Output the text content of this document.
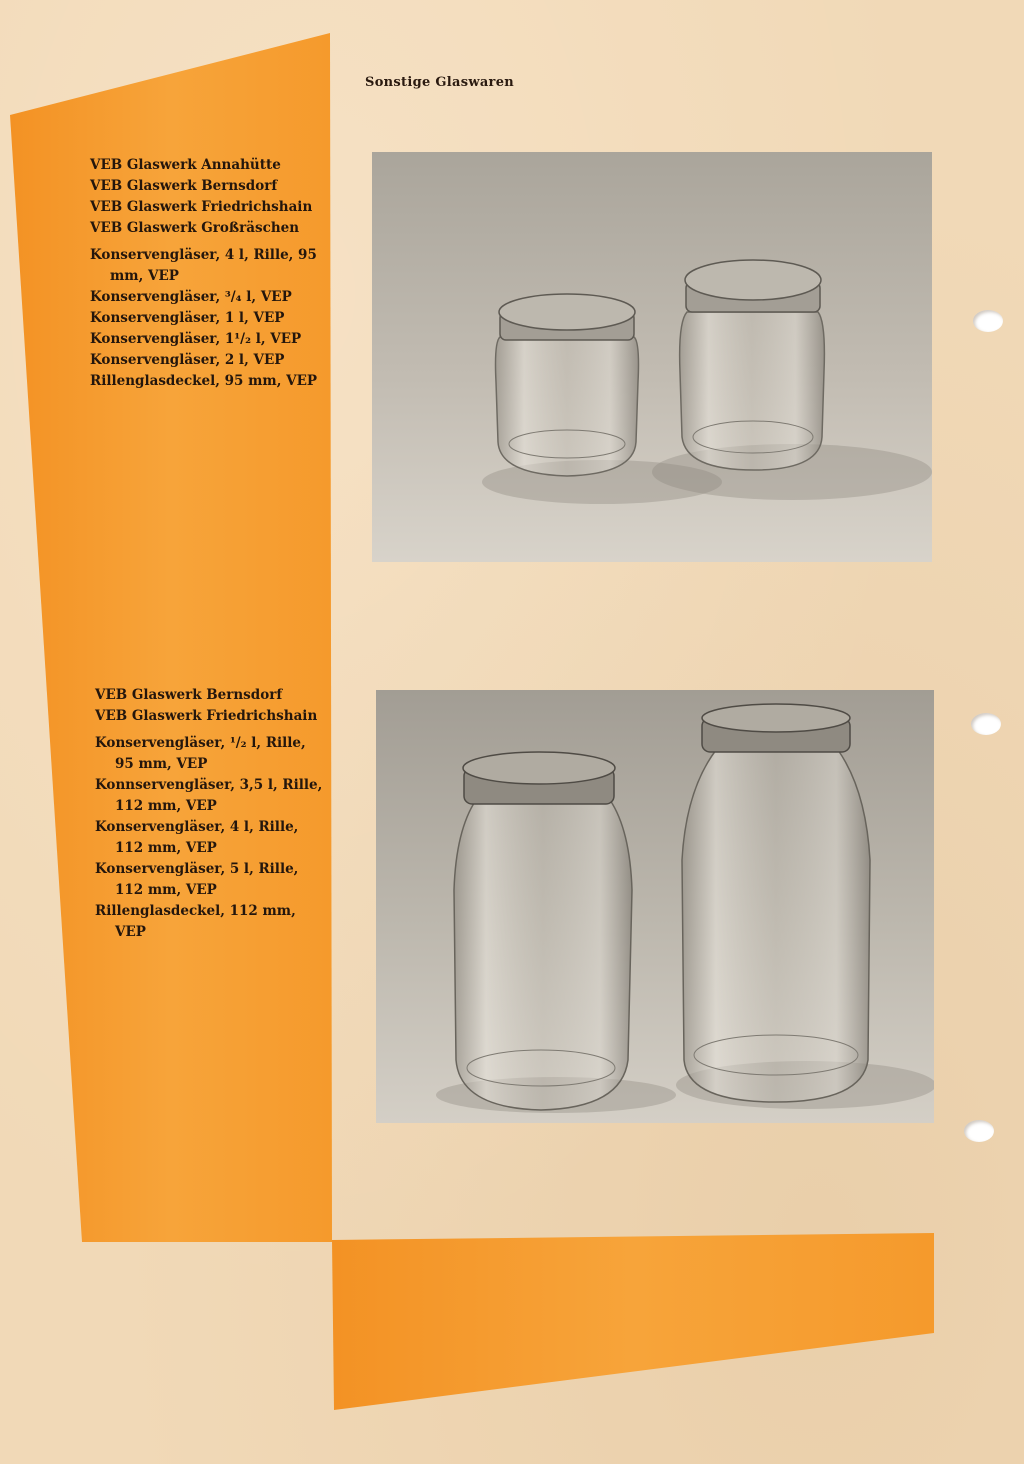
Sonstige Glaswaren
VEB Glaswerk Annahütte
VEB Glaswerk Bernsdorf
VEB Glaswerk Friedrichshain
VEB Glaswerk Großräschen
Konservengläser, 4 l, Rille, 95 mm, VEP
Konservengläser, ³/₄ l, VEP
Konservengläser, 1 l, VEP
Konservengläser, 1¹/₂ l, VEP
Konservengläser, 2 l, VEP
Rillenglasdeckel, 95 mm, VEP
VEB Glaswerk Bernsdorf
VEB Glaswerk Friedrichshain
Konservengläser, ¹/₂ l, Rille, 95 mm, VEP
Konnservengläser, 3,5 l, Rille, 112 mm, VEP
Konservengläser, 4 l, Rille, 112 mm, VEP
Konservengläser, 5 l, Rille, 112 mm, VEP
Rillenglasdeckel, 112 mm, VEP
